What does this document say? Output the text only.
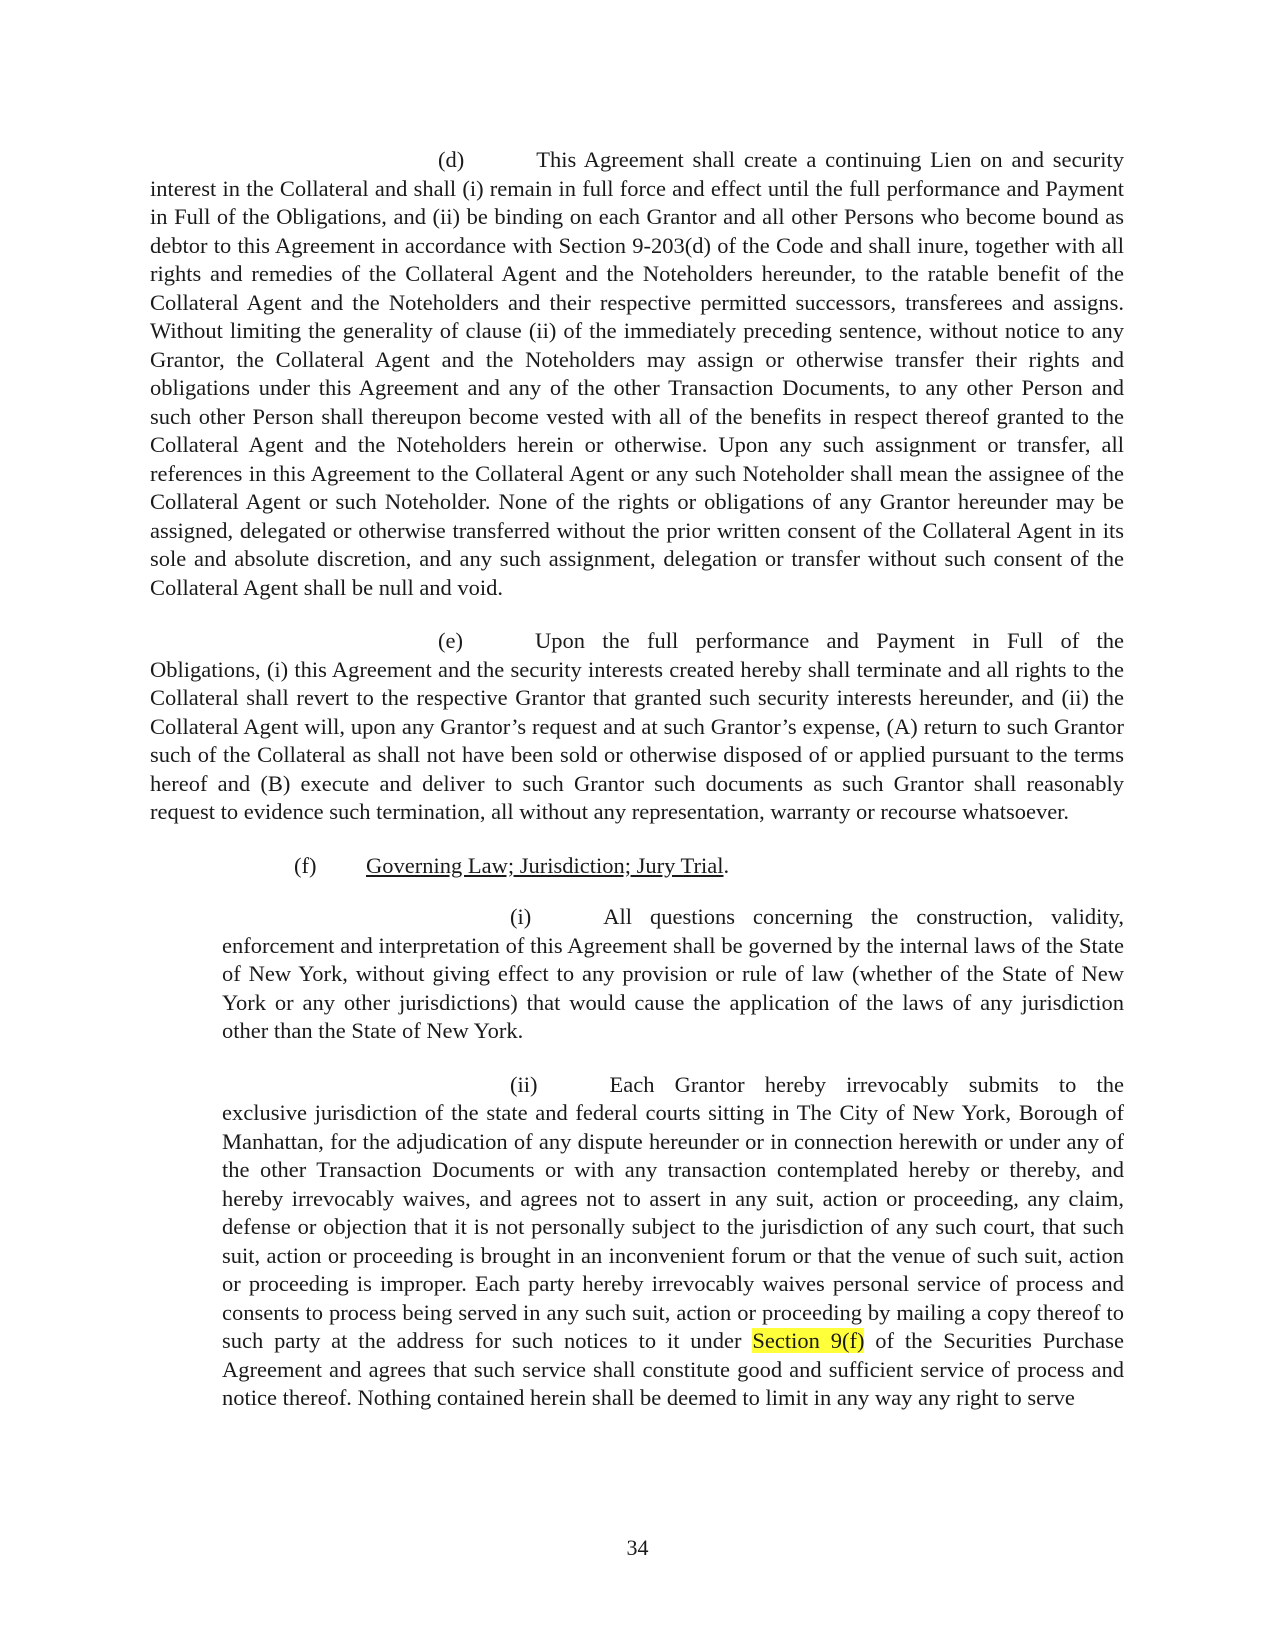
(d)	This Agreement shall create a continuing Lien on and security interest in the Collateral and shall (i) remain in full force and effect until the full performance and Payment in Full of the Obligations, and (ii) be binding on each Grantor and all other Persons who become bound as debtor to this Agreement in accordance with Section 9-203(d) of the Code and shall inure, together with all rights and remedies of the Collateral Agent and the Noteholders hereunder, to the ratable benefit of the Collateral Agent and the Noteholders and their respective permitted successors, transferees and assigns. Without limiting the generality of clause (ii) of the immediately preceding sentence, without notice to any Grantor, the Collateral Agent and the Noteholders may assign or otherwise transfer their rights and obligations under this Agreement and any of the other Transaction Documents, to any other Person and such other Person shall thereupon become vested with all of the benefits in respect thereof granted to the Collateral Agent and the Noteholders herein or otherwise. Upon any such assignment or transfer, all references in this Agreement to the Collateral Agent or any such Noteholder shall mean the assignee of the Collateral Agent or such Noteholder. None of the rights or obligations of any Grantor hereunder may be assigned, delegated or otherwise transferred without the prior written consent of the Collateral Agent in its sole and absolute discretion, and any such assignment, delegation or transfer without such consent of the Collateral Agent shall be null and void.

(e)	Upon the full performance and Payment in Full of the Obligations, (i) this Agreement and the security interests created hereby shall terminate and all rights to the Collateral shall revert to the respective Grantor that granted such security interests hereunder, and (ii) the Collateral Agent will, upon any Grantor’s request and at such Grantor’s expense, (A) return to such Grantor such of the Collateral as shall not have been sold or otherwise disposed of or applied pursuant to the terms hereof and (B) execute and deliver to such Grantor such documents as such Grantor shall reasonably request to evidence such termination, all without any representation, warranty or recourse whatsoever.

(f) Governing Law; Jurisdiction; Jury Trial.

(i)	All questions concerning the construction, validity, enforcement and interpretation of this Agreement shall be governed by the internal laws of the State of New York, without giving effect to any provision or rule of law (whether of the State of New York or any other jurisdictions) that would cause the application of the laws of any jurisdiction other than the State of New York.

(ii)	Each Grantor hereby irrevocably submits to the exclusive jurisdiction of the state and federal courts sitting in The City of New York, Borough of Manhattan, for the adjudication of any dispute hereunder or in connection herewith or under any of the other Transaction Documents or with any transaction contemplated hereby or thereby, and hereby irrevocably waives, and agrees not to assert in any suit, action or proceeding, any claim, defense or objection that it is not personally subject to the jurisdiction of any such court, that such suit, action or proceeding is brought in an inconvenient forum or that the venue of such suit, action or proceeding is improper. Each party hereby irrevocably waives personal service of process and consents to process being served in any such suit, action or proceeding by mailing a copy thereof to such party at the address for such notices to it under Section 9(f) of the Securities Purchase Agreement and agrees that such service shall constitute good and sufficient service of process and notice thereof. Nothing contained herein shall be deemed to limit in any way any right to serve

34
